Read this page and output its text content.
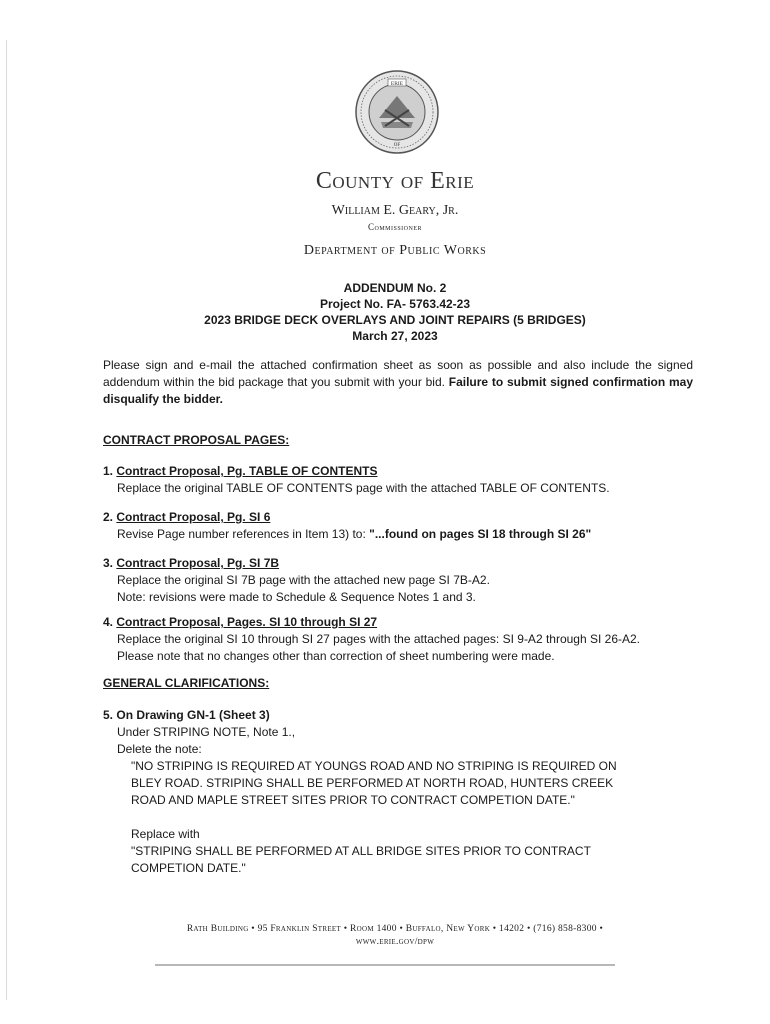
ERIE
OF
County of Erie
William E. Geary, Jr.
Commissioner
Department of Public Works
ADDENDUM No. 2
Project No. FA- 5763.42-23
2023 BRIDGE DECK OVERLAYS AND JOINT REPAIRS (5 BRIDGES)
March 27, 2023
Please sign and e-mail the attached confirmation sheet as soon as possible and also include the signed addendum within the bid package that you submit with your bid. Failure to submit signed confirmation may disqualify the bidder.
CONTRACT PROPOSAL PAGES:
1. Contract Proposal, Pg. TABLE OF CONTENTS
Replace the original TABLE OF CONTENTS page with the attached TABLE OF CONTENTS.
2. Contract Proposal, Pg. SI 6
Revise Page number references in Item 13) to: "...found on pages SI 18 through SI 26"
3. Contract Proposal, Pg. SI 7B
Replace the original SI 7B page with the attached new page SI 7B-A2.
Note: revisions were made to Schedule & Sequence Notes 1 and 3.
4. Contract Proposal, Pages. SI 10 through SI 27
Replace the original SI 10 through SI 27 pages with the attached pages: SI 9-A2 through SI 26-A2.
Please note that no changes other than correction of sheet numbering were made.
GENERAL CLARIFICATIONS:
5. On Drawing GN-1 (Sheet 3)
Under STRIPING NOTE, Note 1.,
Delete the note:
"NO STRIPING IS REQUIRED AT YOUNGS ROAD AND NO STRIPING IS REQUIRED ON
BLEY ROAD. STRIPING SHALL BE PERFORMED AT NORTH ROAD, HUNTERS CREEK
ROAD AND MAPLE STREET SITES PRIOR TO CONTRACT COMPETION DATE."
Replace with
"STRIPING SHALL BE PERFORMED AT ALL BRIDGE SITES PRIOR TO CONTRACT
COMPETION DATE."
Rath Building • 95 Franklin Street • Room 1400 • Buffalo, New York • 14202 • (716) 858-8300 •
www.erie.gov/dpw
